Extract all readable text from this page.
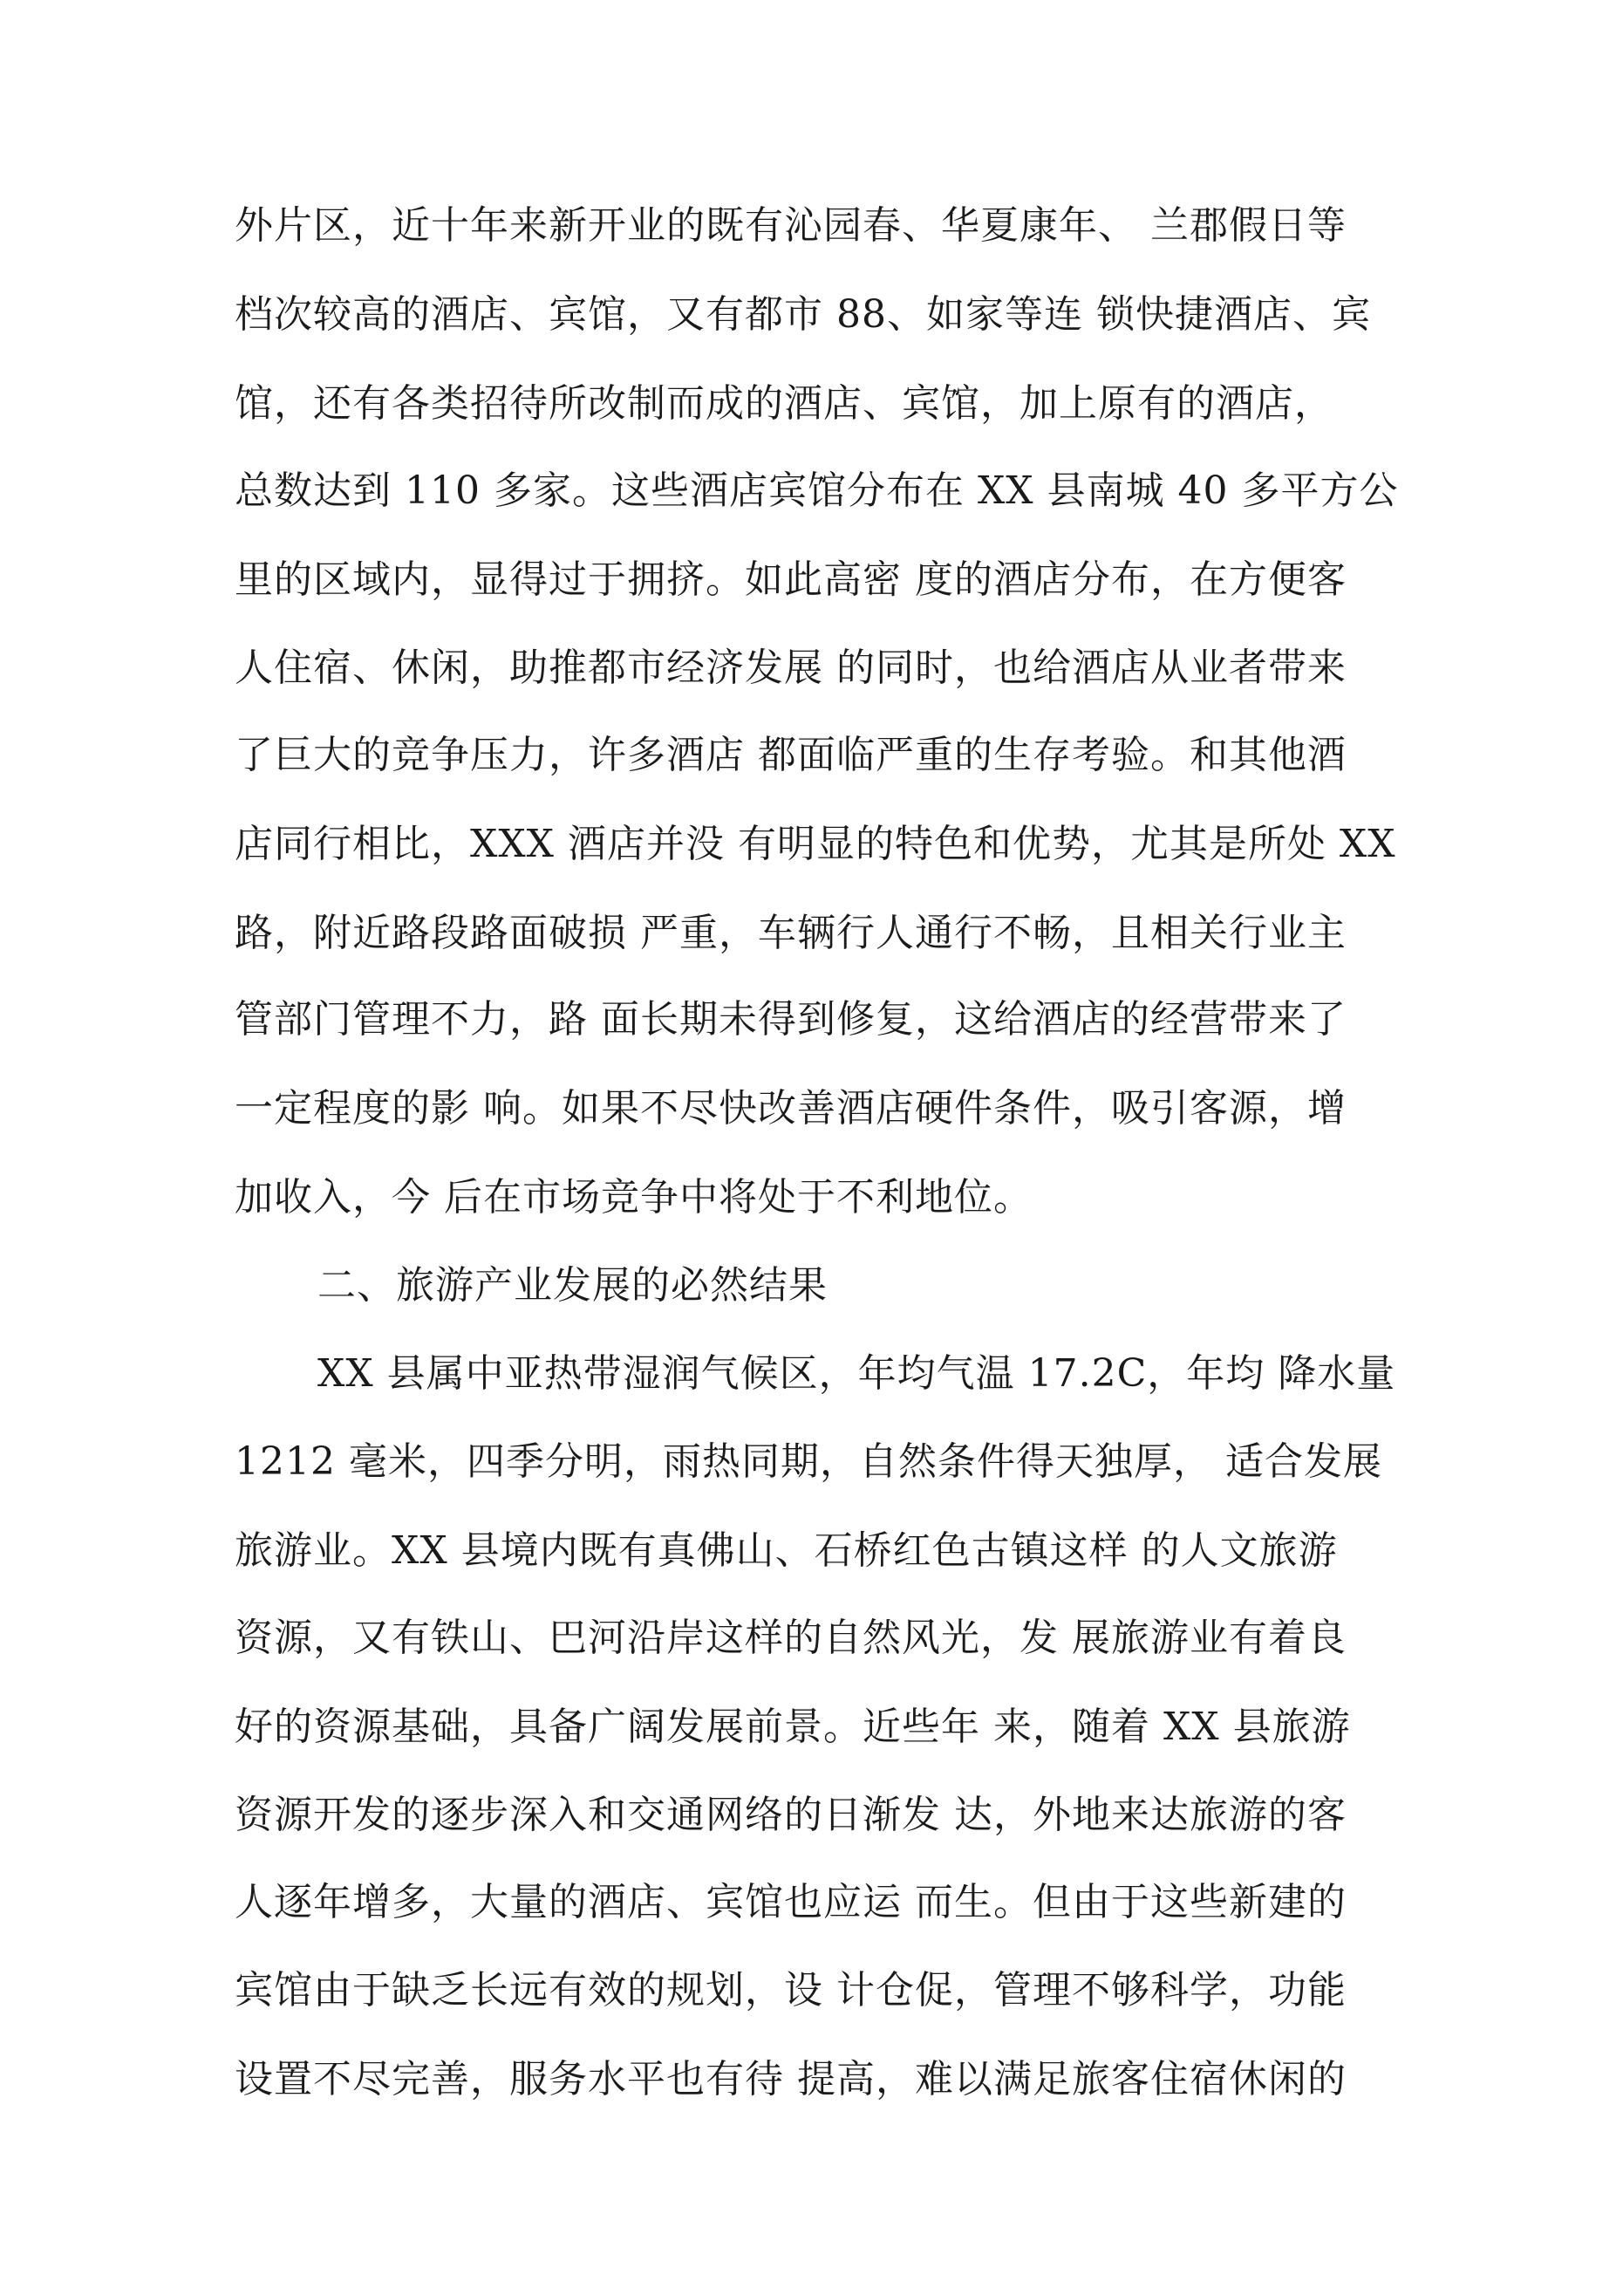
外片区，近十年来新开业的既有沁园春、华夏康年、 兰郡假日等
档次较高的酒店、宾馆，又有都市 88、如家等连 锁快捷酒店、宾
馆，还有各类招待所改制而成的酒店、宾馆，加上原有的酒店，
总数达到 110 多家。这些酒店宾馆分布在 XX 县南城 40 多平方公
里的区域内，显得过于拥挤。如此高密 度的酒店分布，在方便客
人住宿、休闲，助推都市经济发展 的同时，也给酒店从业者带来
了巨大的竞争压力，许多酒店 都面临严重的生存考验。和其他酒
店同行相比，XXX 酒店并没 有明显的特色和优势，尤其是所处 XX
路，附近路段路面破损 严重，车辆行人通行不畅，且相关行业主
管部门管理不力，路 面长期未得到修复，这给酒店的经营带来了
一定程度的影 响。如果不尽快改善酒店硬件条件，吸引客源，增
加收入，今 后在市场竞争中将处于不利地位。
二、旅游产业发展的必然结果
XX 县属中亚热带湿润气候区，年均气温 17.2C，年均 降水量
1212 毫米，四季分明，雨热同期，自然条件得天独厚， 适合发展
旅游业。XX 县境内既有真佛山、石桥红色古镇这样 的人文旅游
资源，又有铁山、巴河沿岸这样的自然风光，发 展旅游业有着良
好的资源基础，具备广阔发展前景。近些年 来，随着 XX 县旅游
资源开发的逐步深入和交通网络的日渐发 达，外地来达旅游的客
人逐年增多，大量的酒店、宾馆也应运 而生。但由于这些新建的
宾馆由于缺乏长远有效的规划，设 计仓促，管理不够科学，功能
设置不尽完善，服务水平也有待 提高，难以满足旅客住宿休闲的
